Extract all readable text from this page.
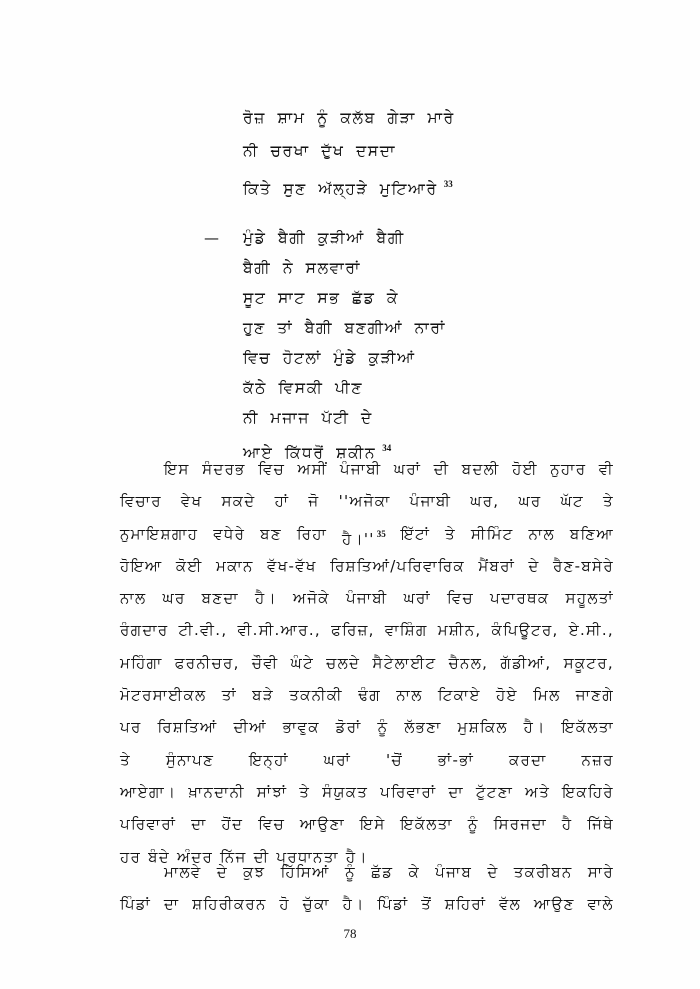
ਰੋਜ਼ ਸ਼ਾਮ ਨੂੰ ਕਲੱਬ ਗੇੜਾ ਮਾਰੇ
ਨੀ ਚਰਖਾ ਦੁੱਖ ਦਸਦਾ
ਕਿਤੇ ਸੁਣ ਅੱਲ੍ਹੜੇ ਮੁਟਿਆਰੇ $^{33}$
— ਮੁੰਡੇ ਬੈਗੀ ਕੁੜੀਆਂ ਬੈਗੀ
ਬੈਗੀ ਨੇ ਸਲਵਾਰਾਂ
ਸੂਟ ਸਾਟ ਸਭ ਛੱਡ ਕੇ
ਹੁਣ ਤਾਂ ਬੈਗੀ ਬਣਗੀਆਂ ਨਾਰਾਂ
ਵਿਚ ਹੋਟਲਾਂ ਮੁੰਡੇ ਕੁੜੀਆਂ
ਕੱਠੇ ਵਿਸਕੀ ਪੀਣ
ਨੀ ਮਜਾਜ ਪੱਟੀ ਦੇ
ਆਏ ਕਿੱਧਰੋਂ ਸ਼ਕੀਨ $^{34}$
ਇਸ ਸੰਦਰਭ ਵਿਚ ਅਸੀਂ ਪੰਜਾਬੀ ਘਰਾਂ ਦੀ ਬਦਲੀ ਹੋਈ ਨੁਹਾਰ ਵੀ
ਵਿਚਾਰ ਵੇਖ ਸਕਦੇ ਹਾਂ ਜੋ ''ਅਜੋਕਾ ਪੰਜਾਬੀ ਘਰ, ਘਰ ਘੱਟ ਤੇ
ਨੁਮਾਇਸ਼ਗਾਹ ਵਧੇਰੇ ਬਣ ਰਿਹਾ ਹੈ।'' $^{35}$ ਇੱਟਾਂ ਤੇ ਸੀਮਿੰਟ ਨਾਲ ਬਣਿਆ
ਹੋਇਆ ਕੋਈ ਮਕਾਨ ਵੱਖ-ਵੱਖ ਰਿਸ਼ਤਿਆਂ/ਪਰਿਵਾਰਿਕ ਮੈਂਬਰਾਂ ਦੇ ਰੈਣ-ਬਸੇਰੇ
ਨਾਲ ਘਰ ਬਣਦਾ ਹੈ। ਅਜੋਕੇ ਪੰਜਾਬੀ ਘਰਾਂ ਵਿਚ ਪਦਾਰਥਕ ਸਹੂਲਤਾਂ
ਰੰਗਦਾਰ ਟੀ.ਵੀ., ਵੀ.ਸੀ.ਆਰ., ਫਰਿਜ਼, ਵਾਸ਼ਿੰਗ ਮਸ਼ੀਨ, ਕੰਪਿਊਟਰ, ਏ.ਸੀ.,
ਮਹਿੰਗਾ ਫਰਨੀਚਰ, ਚੌਵੀ ਘੰਟੇ ਚਲਦੇ ਸੈਟੇਲਾਈਟ ਚੈਨਲ, ਗੱਡੀਆਂ, ਸਕੂਟਰ,
ਮੋਟਰਸਾਈਕਲ ਤਾਂ ਬੜੇ ਤਕਨੀਕੀ ਢੰਗ ਨਾਲ ਟਿਕਾਏ ਹੋਏ ਮਿਲ ਜਾਣਗੇ
ਪਰ ਰਿਸ਼ਤਿਆਂ ਦੀਆਂ ਭਾਵੁਕ ਡੋਰਾਂ ਨੂੰ ਲੱਭਣਾ ਮੁਸ਼ਕਿਲ ਹੈ। ਇਕੱਲਤਾ
ਤੇ ਸੁੰਨਾਪਣ ਇਨ੍ਹਾਂ ਘਰਾਂ 'ਚੋਂ ਭਾਂ-ਭਾਂ ਕਰਦਾ ਨਜ਼ਰ
ਆਏਗਾ। ਖ਼ਾਨਦਾਨੀ ਸਾਂਝਾਂ ਤੇ ਸੰਯੁਕਤ ਪਰਿਵਾਰਾਂ ਦਾ ਟੁੱਟਣਾ ਅਤੇ ਇਕਹਿਰੇ
ਪਰਿਵਾਰਾਂ ਦਾ ਹੋਂਦ ਵਿਚ ਆਉਣਾ ਇਸੇ ਇਕੱਲਤਾ ਨੂੰ ਸਿਰਜਦਾ ਹੈ ਜਿੱਥੇ
ਹਰ ਬੰਦੇ ਅੰਦਰ ਨਿੱਜ ਦੀ ਪ੍ਰਧਾਨਤਾ ਹੈ।
ਮਾਲਵੇ ਦੇ ਕੁਝ ਹਿੱਸਿਆਂ ਨੂੰ ਛੱਡ ਕੇ ਪੰਜਾਬ ਦੇ ਤਕਰੀਬਨ ਸਾਰੇ
ਪਿੰਡਾਂ ਦਾ ਸ਼ਹਿਰੀਕਰਨ ਹੋ ਚੁੱਕਾ ਹੈ। ਪਿੰਡਾਂ ਤੋਂ ਸ਼ਹਿਰਾਂ ਵੱਲ ਆਉਣ ਵਾਲੇ
78
